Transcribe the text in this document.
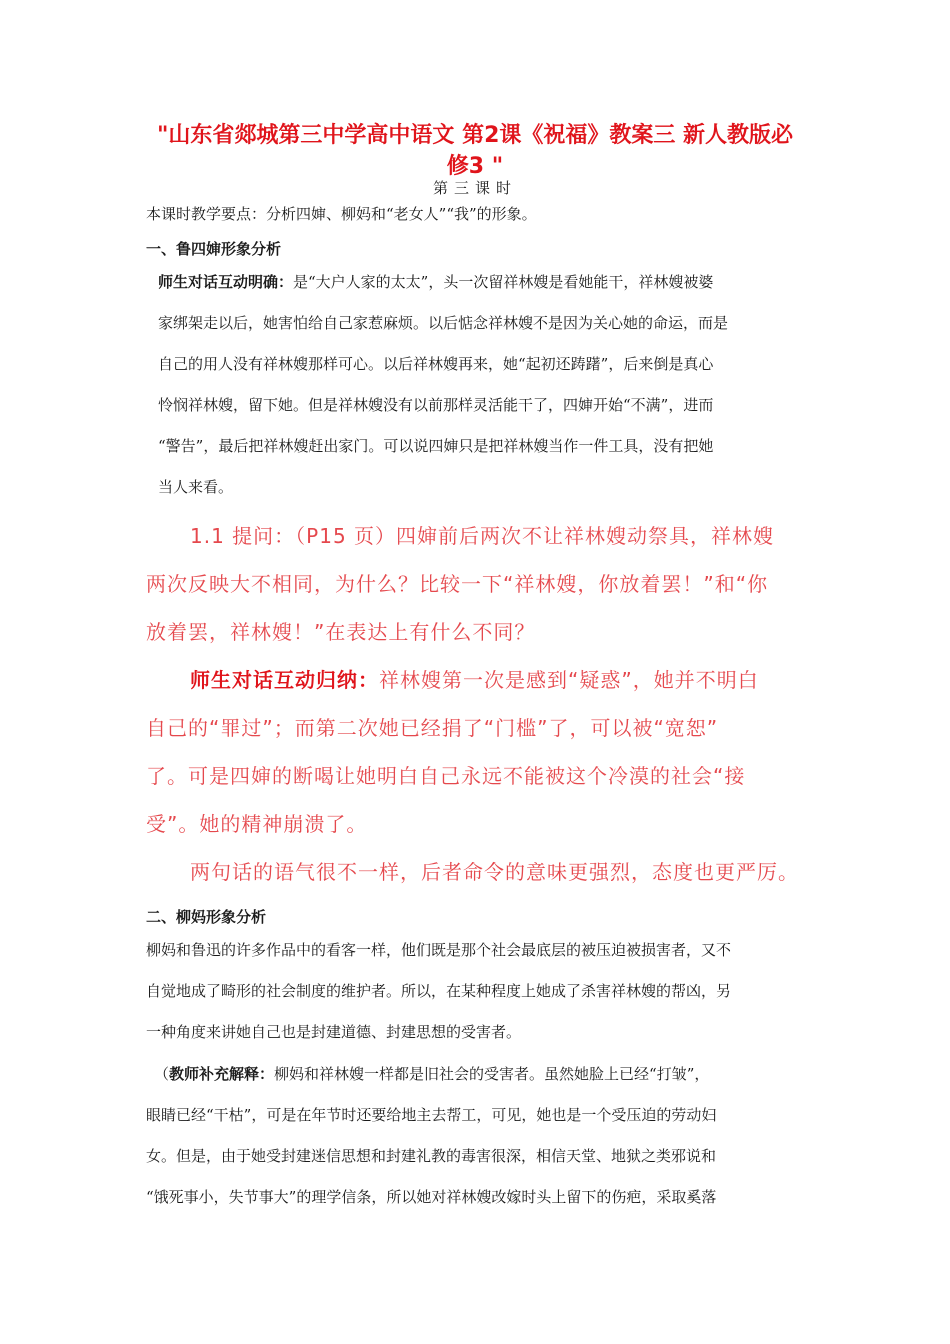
"山东省郯城第三中学高中语文 第2课《祝福》教案三 新人教版必
修3 "
第三课时
本课时教学要点：分析四婶、柳妈和“老女人”“我”的形象。
一、鲁四婶形象分析
师生对话互动明确：是“大户人家的太太”，头一次留祥林嫂是看她能干，祥林嫂被婆
家绑架走以后，她害怕给自己家惹麻烦。以后惦念祥林嫂不是因为关心她的命运，而是
自己的用人没有祥林嫂那样可心。以后祥林嫂再来，她“起初还踌躇”，后来倒是真心
怜悯祥林嫂，留下她。但是祥林嫂没有以前那样灵活能干了，四婶开始“不满”，进而
“警告”，最后把祥林嫂赶出家门。可以说四婶只是把祥林嫂当作一件工具，没有把她
当人来看。
1.1 提问：（P15 页）四婶前后两次不让祥林嫂动祭具，祥林嫂
两次反映大不相同，为什么？比较一下“祥林嫂，你放着罢！”和“你
放着罢，祥林嫂！”在表达上有什么不同？
师生对话互动归纳：祥林嫂第一次是感到“疑惑”，她并不明白
自己的“罪过”；而第二次她已经捐了“门槛”了，可以被“宽恕”
了。可是四婶的断喝让她明白自己永远不能被这个冷漠的社会“接
受”。她的精神崩溃了。
两句话的语气很不一样，后者命令的意味更强烈，态度也更严厉。
二、柳妈形象分析
柳妈和鲁迅的许多作品中的看客一样，他们既是那个社会最底层的被压迫被损害者，又不
自觉地成了畸形的社会制度的维护者。所以，在某种程度上她成了杀害祥林嫂的帮凶，另
一种角度来讲她自己也是封建道德、封建思想的受害者。
（教师补充解释：柳妈和祥林嫂一样都是旧社会的受害者。虽然她脸上已经“打皱”，
眼睛已经“干枯”，可是在年节时还要给地主去帮工，可见，她也是一个受压迫的劳动妇
女。但是，由于她受封建迷信思想和封建礼教的毒害很深，相信天堂、地狱之类邪说和
“饿死事小，失节事大”的理学信条，所以她对祥林嫂改嫁时头上留下的伤疤，采取奚落
